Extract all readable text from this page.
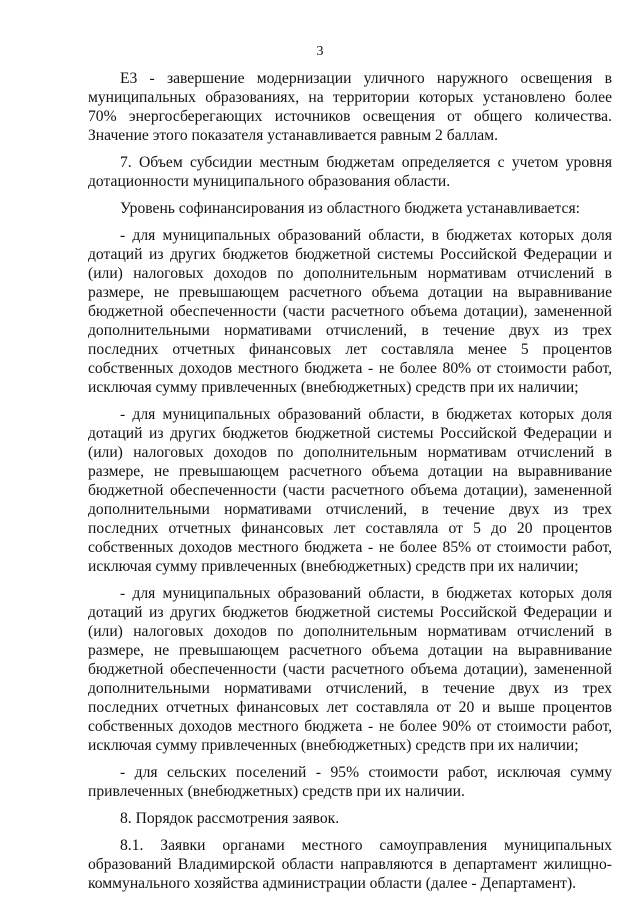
3

Е3 - завершение модернизации уличного наружного освещения в муниципальных образованиях, на территории которых установлено более 70% энергосберегающих источников освещения от общего количества. Значение этого показателя устанавливается равным 2 баллам.

7. Объем субсидии местным бюджетам определяется с учетом уровня дотационности муниципального образования области.

Уровень софинансирования из областного бюджета устанавливается:

- для муниципальных образований области, в бюджетах которых доля дотаций из других бюджетов бюджетной системы Российской Федерации и (или) налоговых доходов по дополнительным нормативам отчислений в размере, не превышающем расчетного объема дотации на выравнивание бюджетной обеспеченности (части расчетного объема дотации), замененной дополнительными нормативами отчислений, в течение двух из трех последних отчетных финансовых лет составляла менее 5 процентов собственных доходов местного бюджета - не более 80% от стоимости работ, исключая сумму привлеченных (внебюджетных) средств при их наличии;

- для муниципальных образований области, в бюджетах которых доля дотаций из других бюджетов бюджетной системы Российской Федерации и (или) налоговых доходов по дополнительным нормативам отчислений в размере, не превышающем расчетного объема дотации на выравнивание бюджетной обеспеченности (части расчетного объема дотации), замененной дополнительными нормативами отчислений, в течение двух из трех последних отчетных финансовых лет составляла от 5 до 20 процентов собственных доходов местного бюджета - не более 85% от стоимости работ, исключая сумму привлеченных (внебюджетных) средств при их наличии;

- для муниципальных образований области, в бюджетах которых доля дотаций из других бюджетов бюджетной системы Российской Федерации и (или) налоговых доходов по дополнительным нормативам отчислений в размере, не превышающем расчетного объема дотации на выравнивание бюджетной обеспеченности (части расчетного объема дотации), замененной дополнительными нормативами отчислений, в течение двух из трех последних отчетных финансовых лет составляла от 20 и выше процентов собственных доходов местного бюджета - не более 90% от стоимости работ, исключая сумму привлеченных (внебюджетных) средств при их наличии;

- для сельских поселений - 95% стоимости работ, исключая сумму привлеченных (внебюджетных) средств при их наличии.

8. Порядок рассмотрения заявок.

8.1. Заявки органами местного самоуправления муниципальных образований Владимирской области направляются в департамент жилищно-коммунального хозяйства администрации области (далее - Департамент).
